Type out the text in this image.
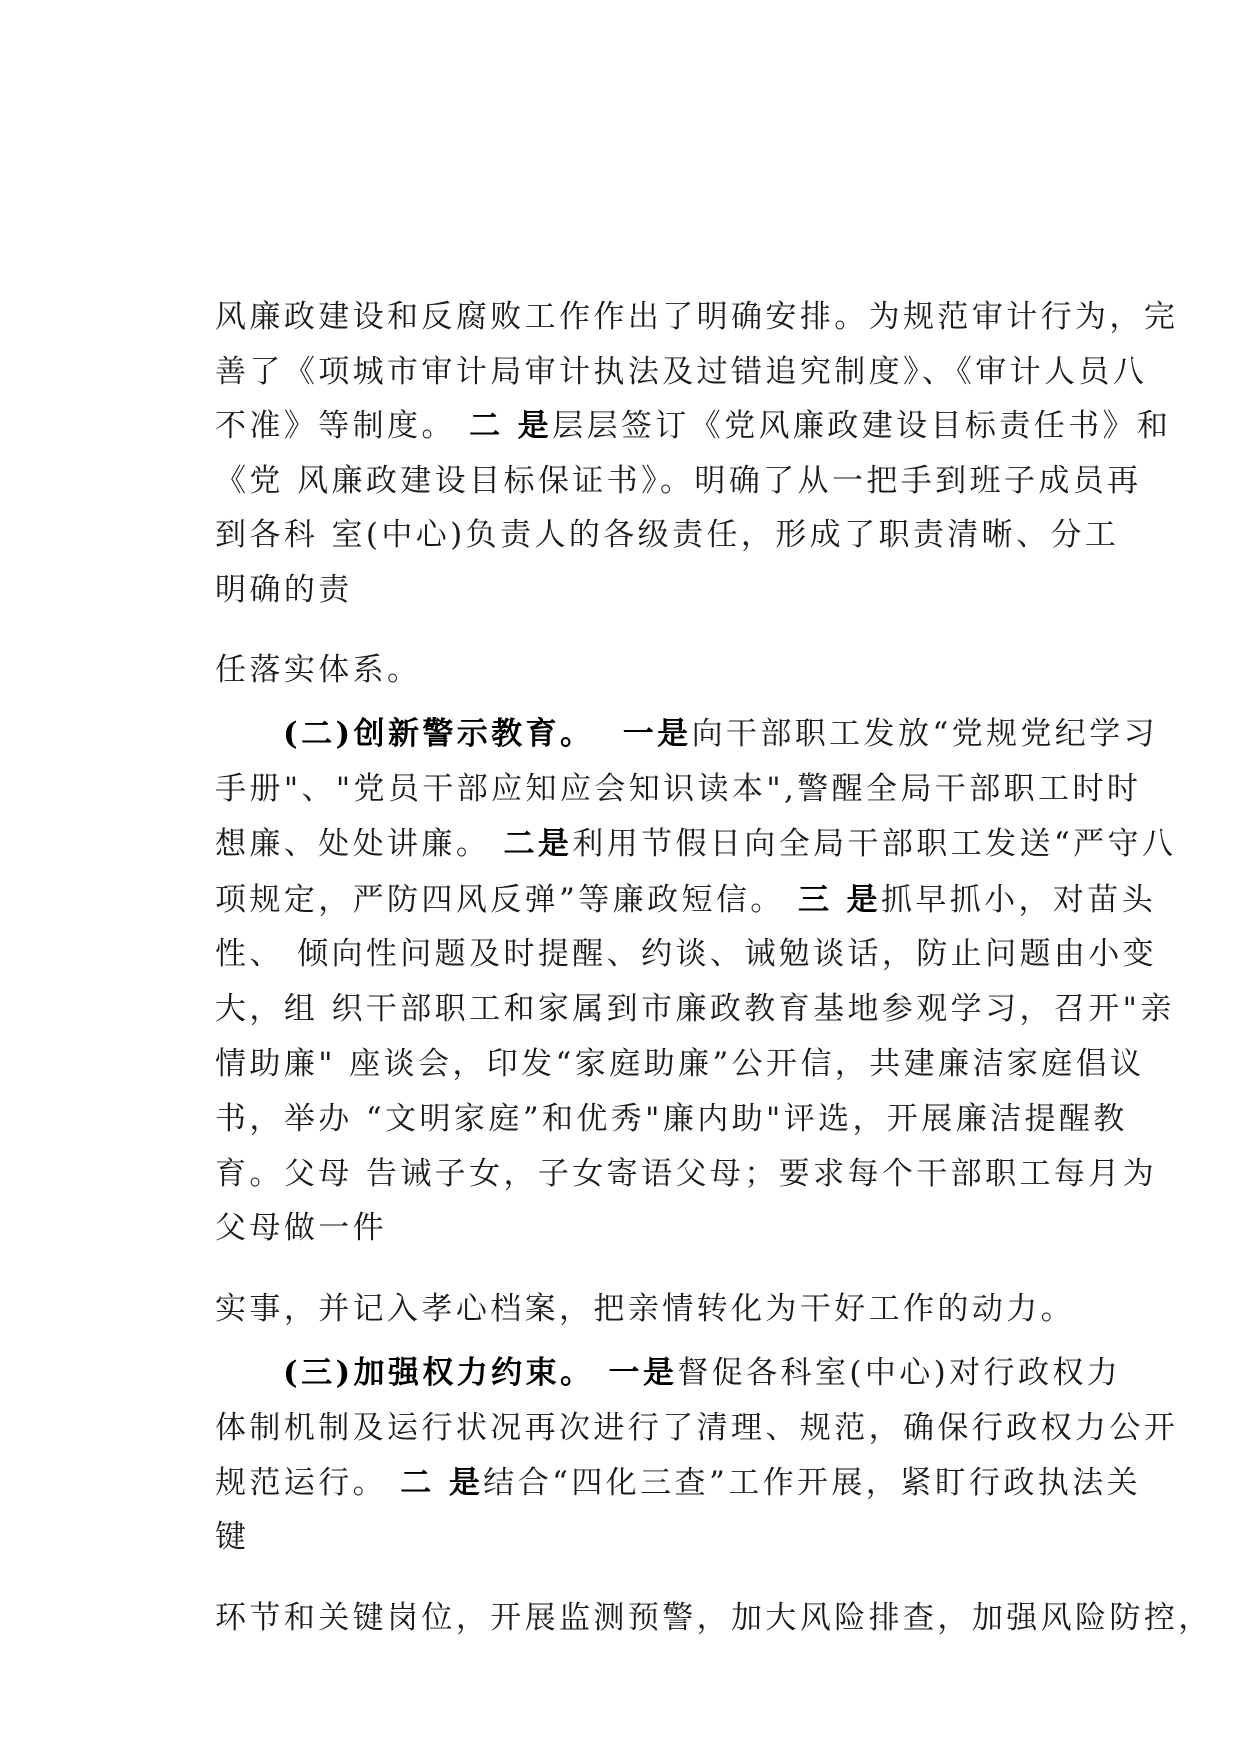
风廉政建设和反腐败工作作出了明确安排。为规范审计行为，完

善了《项城市审计局审计执法及过错追究制度》、《审计人员八

不准》等制度。 二 是层层签订《党风廉政建设目标责任书》和

《党 风廉政建设目标保证书》。明确了从一把手到班子成员再

到各科 室(中心)负责人的各级责任，形成了职责清晰、分工

明确的责

任落实体系。

(二)创新警示教育。  一是向干部职工发放“党规党纪学习

手册"、"党员干部应知应会知识读本",警醒全局干部职工时时

想廉、处处讲廉。 二是利用节假日向全局干部职工发送“严守八

项规定，严防四风反弹”等廉政短信。 三 是抓早抓小，对苗头

性、 倾向性问题及时提醒、约谈、诫勉谈话，防止问题由小变

大，组 织干部职工和家属到市廉政教育基地参观学习，召开"亲

情助廉" 座谈会，印发“家庭助廉”公开信，共建廉洁家庭倡议

书，举办 “文明家庭”和优秀"廉内助"评选，开展廉洁提醒教

育。父母 告诫子女，子女寄语父母；要求每个干部职工每月为

父母做一件

实事，并记入孝心档案，把亲情转化为干好工作的动力。

(三)加强权力约束。 一是督促各科室(中心)对行政权力

体制机制及运行状况再次进行了清理、规范，确保行政权力公开

规范运行。 二 是结合“四化三查”工作开展，紧盯行政执法关

键

环节和关键岗位，开展监测预警，加大风险排查，加强风险防控，
